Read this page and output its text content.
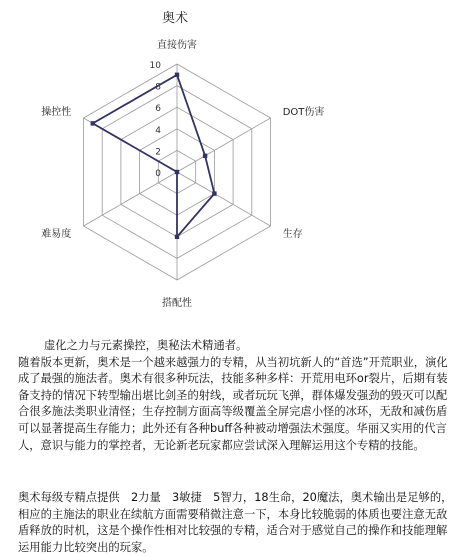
奥术
0
2
4
6
8
10
直接伤害
DOT伤害
生存
搭配性
难易度
操控性
虚化之力与元素操控，奥秘法术精通者。
随着版本更新，奥术是一个越来越强力的专精，从当初坑新人的“首选”开荒职业，演化成了最强的施法者。奥术有很多种玩法，技能多种多样：开荒用电环or裂片，后期有装备支持的情况下转型输出堪比剑圣的射线，或者玩玩飞弹，群体爆发强劲的毁灭可以配合很多施法类职业清怪；生存控制方面高等级覆盖全屏完虐小怪的冰环，无敌和减伤盾可以显著提高生存能力；此外还有各种buff各种被动增强法术强度。华丽又实用的代言人，意识与能力的掌控者，无论新老玩家都应尝试深入理解运用这个专精的技能。
奥术每级专精点提供　2力量　3敏捷　5智力，18生命，20魔法，奥术输出是足够的，相应的主施法的职业在续航方面需要稍微注意一下，本身比较脆弱的体质也要注意无敌盾释放的时机，这是个操作性相对比较强的专精，适合对于感觉自己的操作和技能理解运用能力比较突出的玩家。
